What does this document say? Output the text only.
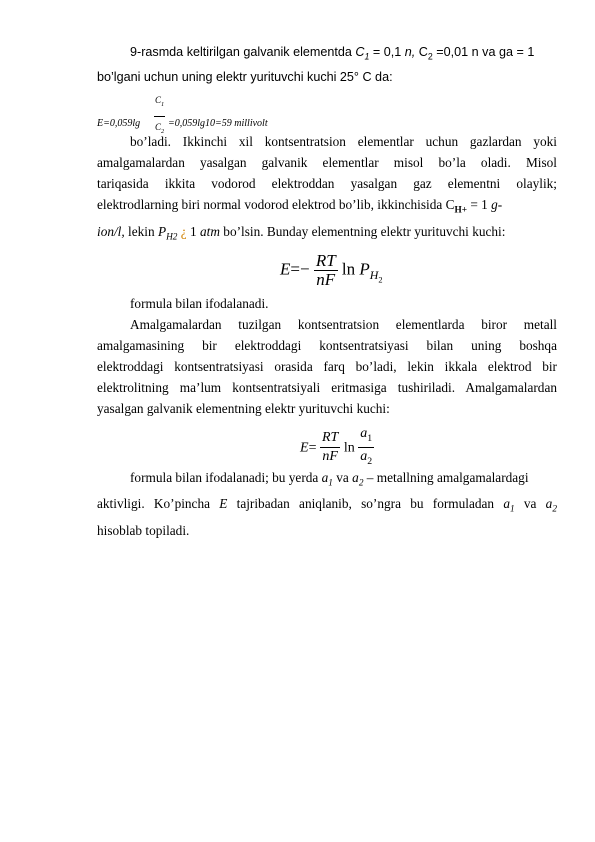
9-rasmda keltirilgan galvanik elementda $C_1 = 0,1$ n, $C_2 =0,01$ n va ga = 1
bo’lgani uchun uning elektr yurituvchi kuchi 25° C da:

$E=0,059\lg \frac{C_1}{C_2} =0,059\lg 10=59$ millivolt

bo’ladi. Ikkinchi xil kontsentratsion elementlar uchun gazlardan yoki

amalgamalardan yasalgan galvanik elementlar misol bo’la oladi. Misol

tariqasida ikkita vodorod elektroddan yasalgan gaz elementni olaylik;

elektrodlarning biri normal vodorod elektrod bo’lib, ikkinchisida $C_{H+} = 1$ g-

ion/l, lekin $P_{H2}$ ¿ 1 atm bo’lsin. Bunday elementning elektr yurituvchi kuchi:

$E=- \frac{RT}{nF}$ $\ln P_{H_2}$

formula bilan ifodalanadi.

Amalgamalardan tuzilgan kontsentratsion elementlarda biror metall

amalgamasining bir elektroddagi kontsentratsiyasi bilan uning boshqa

elektroddagi kontsentratsiyasi orasida farq bo’ladi, lekin ikkala elektrod bir

elektrolitning ma’lum kontsentratsiyali eritmasiga tushiriladi. Amalgamalardan

yasalgan galvanik elementning elektr yurituvchi kuchi:

$E= \frac{RT}{nF}$ $\ln \frac{a_1}{a_2}$

formula bilan ifodalanadi; bu yerda $a_1$ va $a_2$ – metallning amalgamalardagi

aktivligi. Ko’pincha E tajribadan aniqlanib, so’ngra bu formuladan $a_1$ va $a_2$

hisoblab topiladi.
